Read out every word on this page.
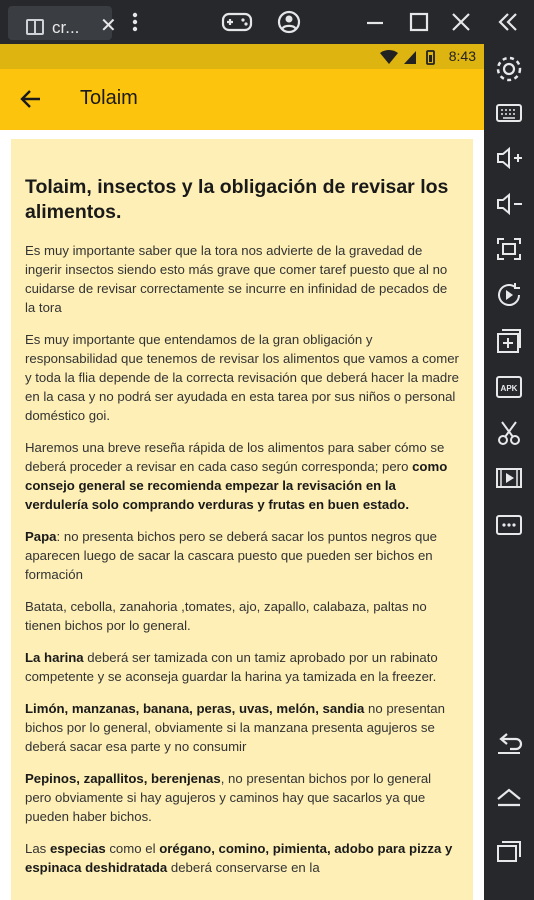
cr... ✕
8:43
Tolaim
Tolaim, insectos y la obligación de revisar los alimentos.

Es muy importante saber que la tora nos advierte de la gravedad de ingerir insectos siendo esto más grave que comer taref puesto que al no cuidarse de revisar correctamente se incurre en infinidad de pecados de la tora

Es muy importante que entendamos de la gran obligación y responsabilidad que tenemos de revisar los alimentos que vamos a comer y toda la flia depende de la correcta revisación que deberá hacer la madre en la casa y no podrá ser ayudada en esta tarea por sus niños o personal doméstico goi.

Haremos una breve reseña rápida de los alimentos para saber cómo se deberá proceder a revisar en cada caso según corresponda; pero como consejo general se recomienda empezar la revisación en la verdulería solo comprando verduras y frutas en buen estado.

Papa: no presenta bichos pero se deberá sacar los puntos negros que aparecen luego de sacar la cascara puesto que pueden ser bichos en formación

Batata, cebolla, zanahoria ,tomates, ajo, zapallo, calabaza, paltas no tienen bichos por lo general.

La harina deberá ser tamizada con un tamiz aprobado por un rabinato competente y se aconseja guardar la harina ya tamizada en la freezer.

Limón, manzanas, banana, peras, uvas, melón, sandia no presentan bichos por lo general, obviamente si la manzana presenta agujeros se deberá sacar esa parte y no consumir

Pepinos, zapallitos, berenjenas, no presentan bichos por lo general pero obviamente si hay agujeros y caminos hay que sacarlos ya que pueden haber bichos.

Las especias como el orégano, comino, pimienta, adobo para pizza y espinaca deshidratada deberá conservarse en la

APK
